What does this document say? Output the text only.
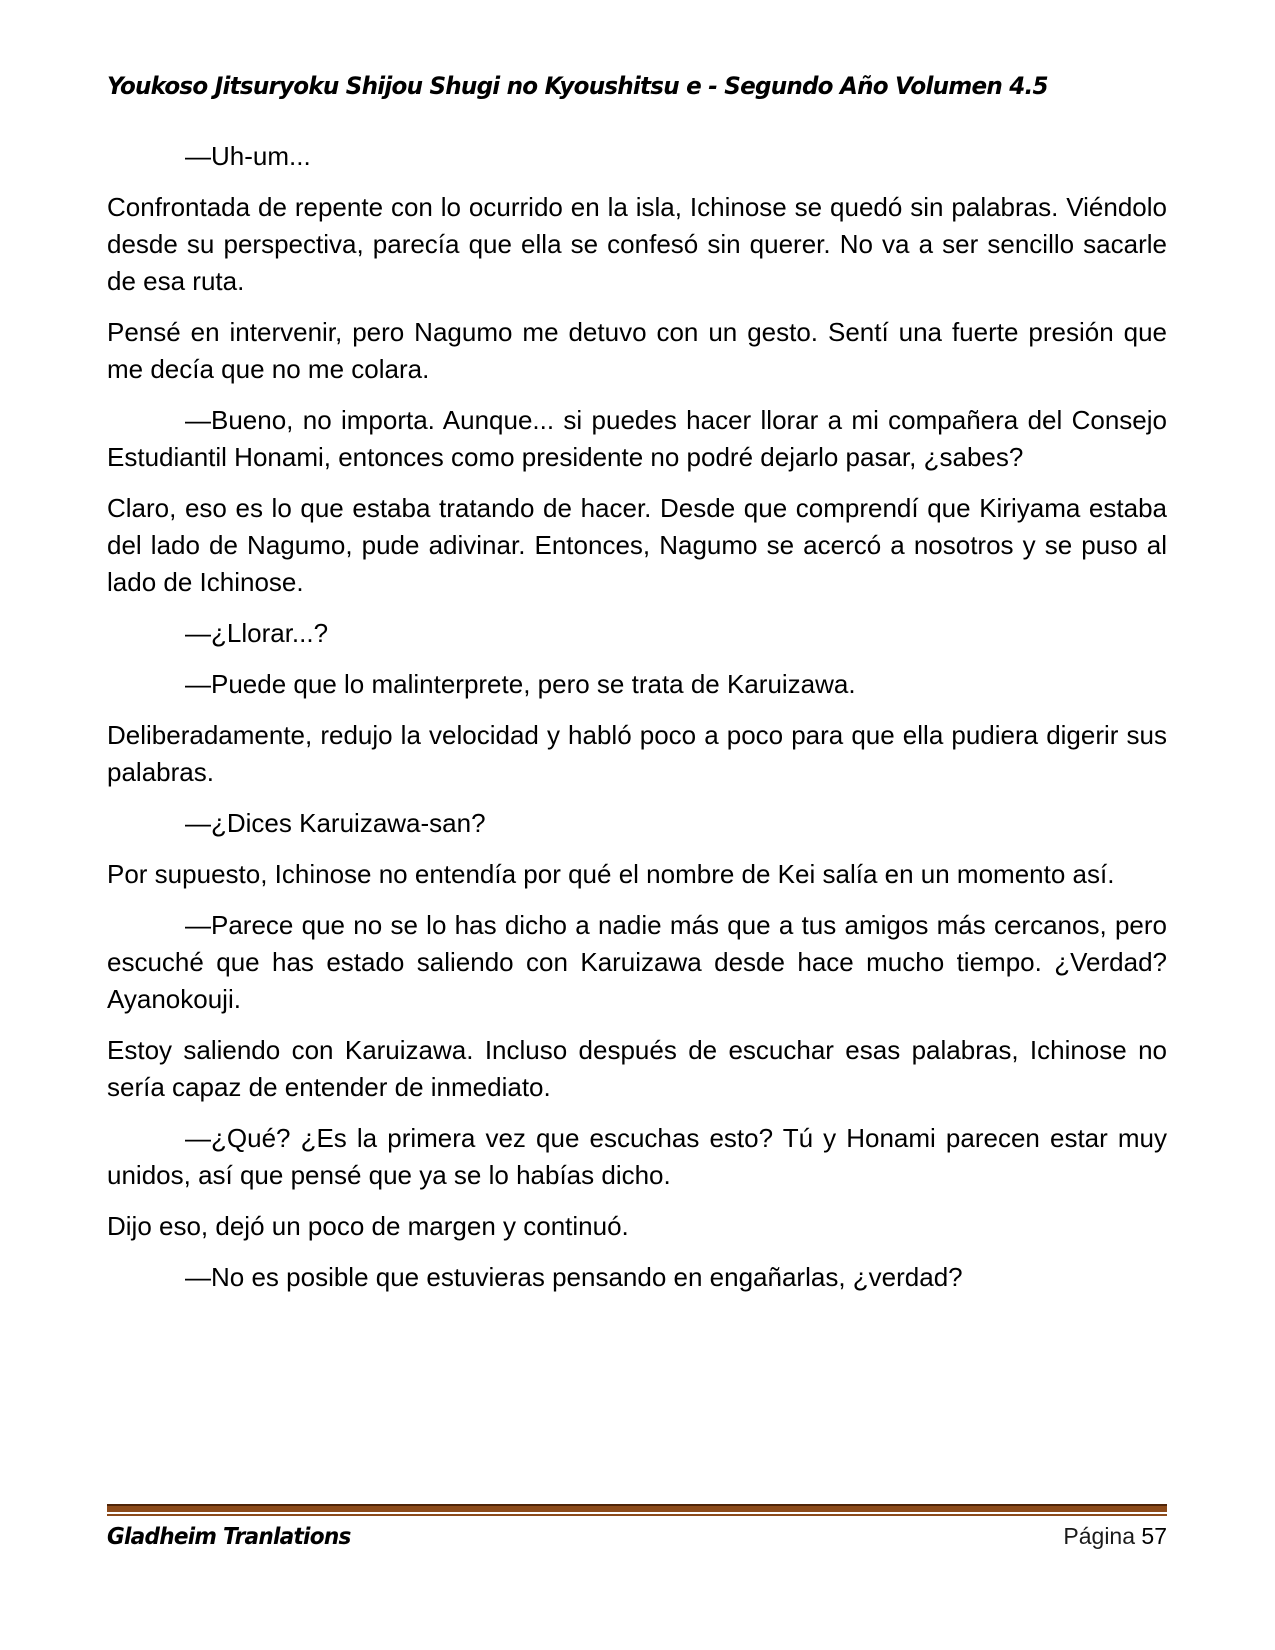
Youkoso Jitsuryoku Shijou Shugi no Kyoushitsu e - Segundo Año Volumen 4.5

—Uh-um...

Confrontada de repente con lo ocurrido en la isla, Ichinose se quedó sin palabras. Viéndolo desde su perspectiva, parecía que ella se confesó sin querer. No va a ser sencillo sacarle de esa ruta.

Pensé en intervenir, pero Nagumo me detuvo con un gesto. Sentí una fuerte presión que me decía que no me colara.

—Bueno, no importa. Aunque... si puedes hacer llorar a mi compañera del Consejo Estudiantil Honami, entonces como presidente no podré dejarlo pasar, ¿sabes?

Claro, eso es lo que estaba tratando de hacer. Desde que comprendí que Kiriyama estaba del lado de Nagumo, pude adivinar. Entonces, Nagumo se acercó a nosotros y se puso al lado de Ichinose.

—¿Llorar...?

—Puede que lo malinterprete, pero se trata de Karuizawa.

Deliberadamente, redujo la velocidad y habló poco a poco para que ella pudiera digerir sus palabras.

—¿Dices Karuizawa-san?

Por supuesto, Ichinose no entendía por qué el nombre de Kei salía en un momento así.

—Parece que no se lo has dicho a nadie más que a tus amigos más cercanos, pero escuché que has estado saliendo con Karuizawa desde hace mucho tiempo. ¿Verdad? Ayanokouji.

Estoy saliendo con Karuizawa. Incluso después de escuchar esas palabras, Ichinose no sería capaz de entender de inmediato.

—¿Qué? ¿Es la primera vez que escuchas esto? Tú y Honami parecen estar muy unidos, así que pensé que ya se lo habías dicho.

Dijo eso, dejó un poco de margen y continuó.

—No es posible que estuvieras pensando en engañarlas, ¿verdad?

Gladheim Tranlations	Página 57
